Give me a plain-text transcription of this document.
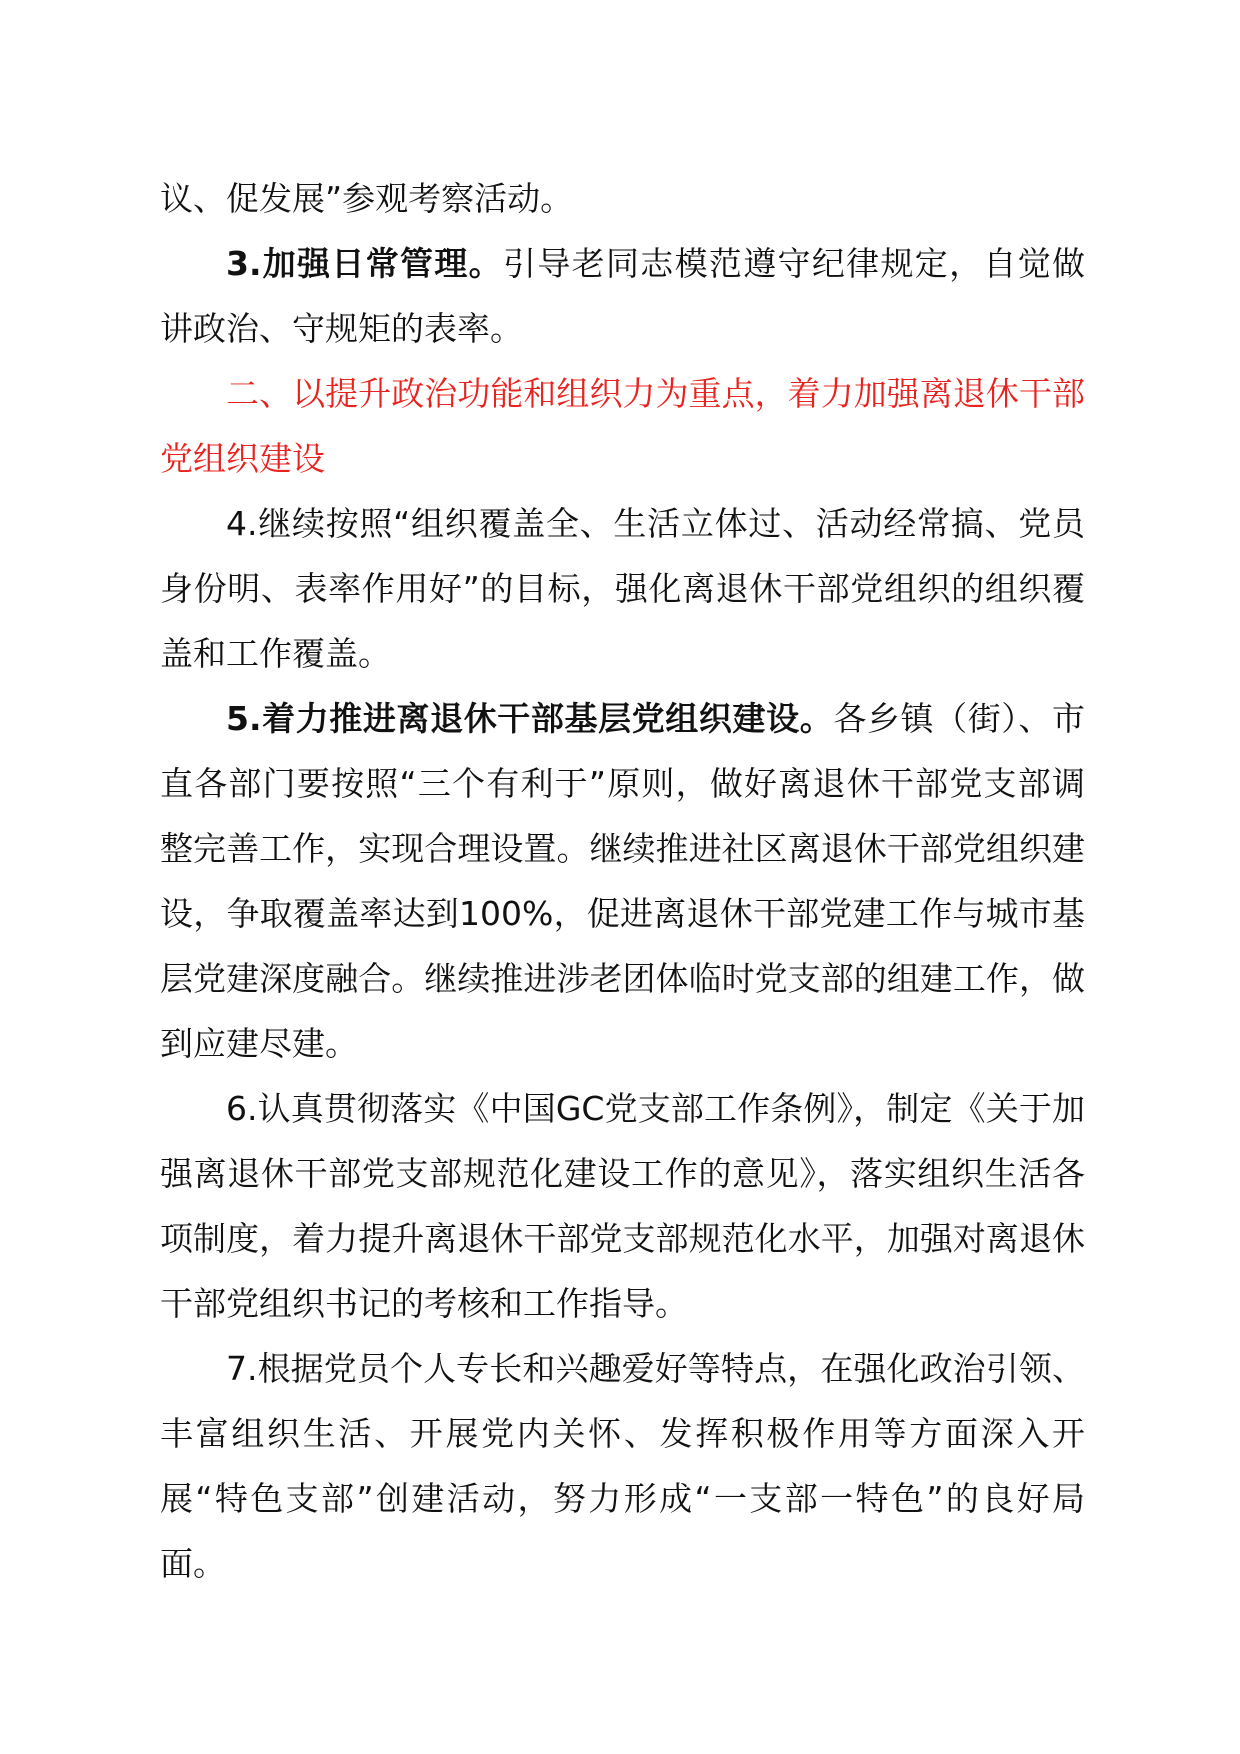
议、促发展”参观考察活动。

3.加强日常管理。引导老同志模范遵守纪律规定，自觉做讲政治、守规矩的表率。

二、以提升政治功能和组织力为重点，着力加强离退休干部党组织建设

4.继续按照“组织覆盖全、生活立体过、活动经常搞、党员身份明、表率作用好”的目标，强化离退休干部党组织的组织覆盖和工作覆盖。

5.着力推进离退休干部基层党组织建设。各乡镇（街）、市直各部门要按照“三个有利于”原则，做好离退休干部党支部调整完善工作，实现合理设置。继续推进社区离退休干部党组织建设，争取覆盖率达到100%，促进离退休干部党建工作与城市基层党建深度融合。继续推进涉老团体临时党支部的组建工作，做到应建尽建。

6.认真贯彻落实《中国GC党支部工作条例》，制定《关于加强离退休干部党支部规范化建设工作的意见》，落实组织生活各项制度，着力提升离退休干部党支部规范化水平，加强对离退休干部党组织书记的考核和工作指导。

7.根据党员个人专长和兴趣爱好等特点，在强化政治引领、丰富组织生活、开展党内关怀、发挥积极作用等方面深入开展“特色支部”创建活动，努力形成“一支部一特色”的良好局面。
